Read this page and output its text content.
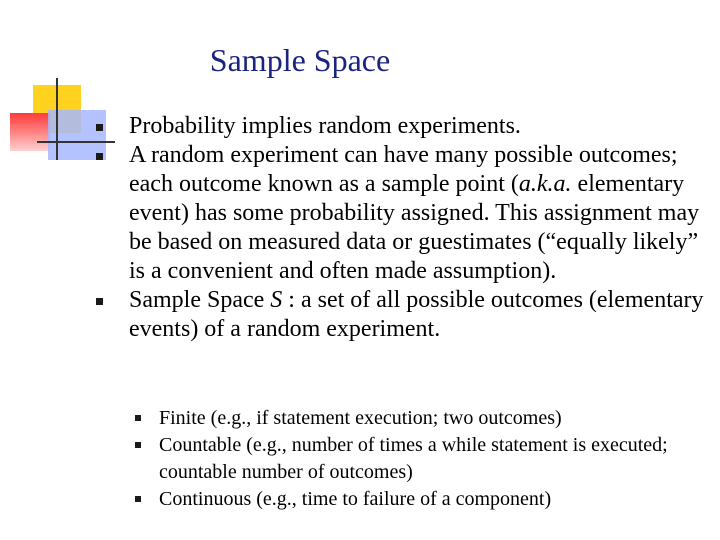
Sample Space
Probability implies random experiments.
A random experiment can have many possible outcomes; each outcome known as a sample point (a.k.a. elementary event) has some probability assigned. This assignment may be based on measured data or guestimates (“equally likely” is a convenient and often made assumption).
Sample Space S : a set of all possible outcomes (elementary events) of a random experiment.
Finite (e.g., if statement execution; two outcomes)
Countable (e.g., number of times a while statement is executed; countable number of outcomes)
Continuous (e.g., time to failure of a component)
